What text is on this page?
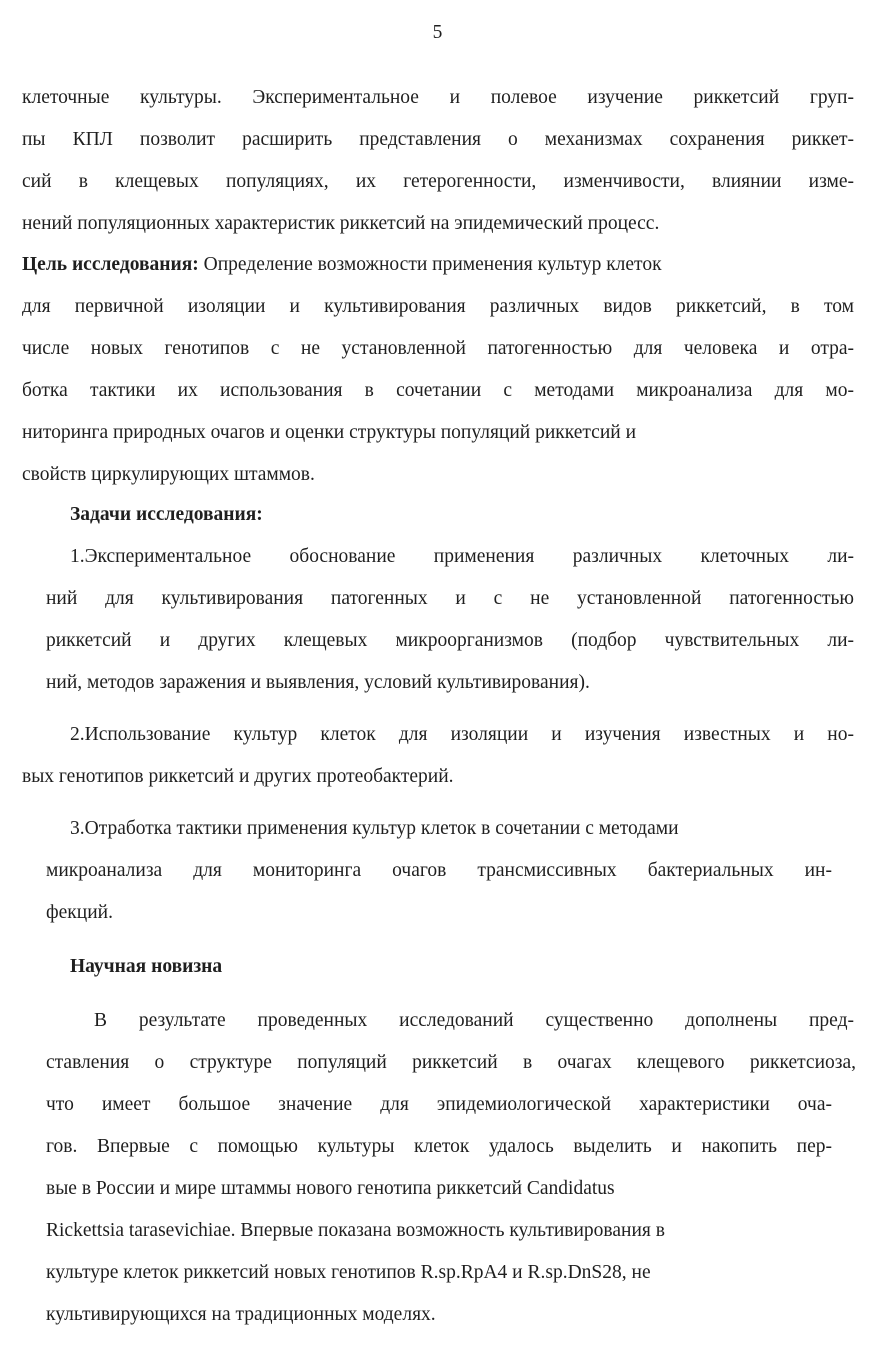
5
клеточные культуры. Экспериментальное и полевое изучение риккетсий груп-
пы КПЛ позволит расширить представления о механизмах сохранения риккет-
сий в клещевых популяциях, их гетерогенности, изменчивости, влиянии изме-
нений популяционных характеристик риккетсий на эпидемический процесс.
Цель исследования: Определение возможности применения культур клеток
для первичной изоляции и культивирования различных видов риккетсий, в том
числе новых генотипов с не установленной патогенностью для человека и отра-
ботка тактики их использования в сочетании с методами микроанализа для мо-
ниторинга природных очагов и оценки структуры популяций риккетсий и
свойств циркулирующих штаммов.
Задачи исследования:
1.Экспериментальное обоснование применения различных клеточных ли-
ний для культивирования патогенных и с не установленной патогенностью
риккетсий и других клещевых микроорганизмов (подбор чувствительных ли-
ний, методов заражения и выявления, условий культивирования).
2.Использование культур клеток для изоляции и изучения известных и но-
вых генотипов риккетсий и других протеобактерий.
3.Отработка тактики применения культур клеток в сочетании с методами
микроанализа для мониторинга очагов трансмиссивных бактериальных ин-
фекций.
Научная новизна
В результате проведенных исследований существенно дополнены пред-
ставления о структуре популяций риккетсий в очагах клещевого риккетсиоза,
что имеет большое значение для эпидемиологической характеристики оча-
гов. Впервые с помощью культуры клеток удалось выделить и накопить пер-
вые в России и мире штаммы нового генотипа риккетсий Candidatus
Rickettsia tarasevichiae. Впервые показана возможность культивирования в
культуре клеток риккетсий новых генотипов R.sp.RpA4 и R.sp.DnS28, не
культивирующихся на традиционных моделях.
